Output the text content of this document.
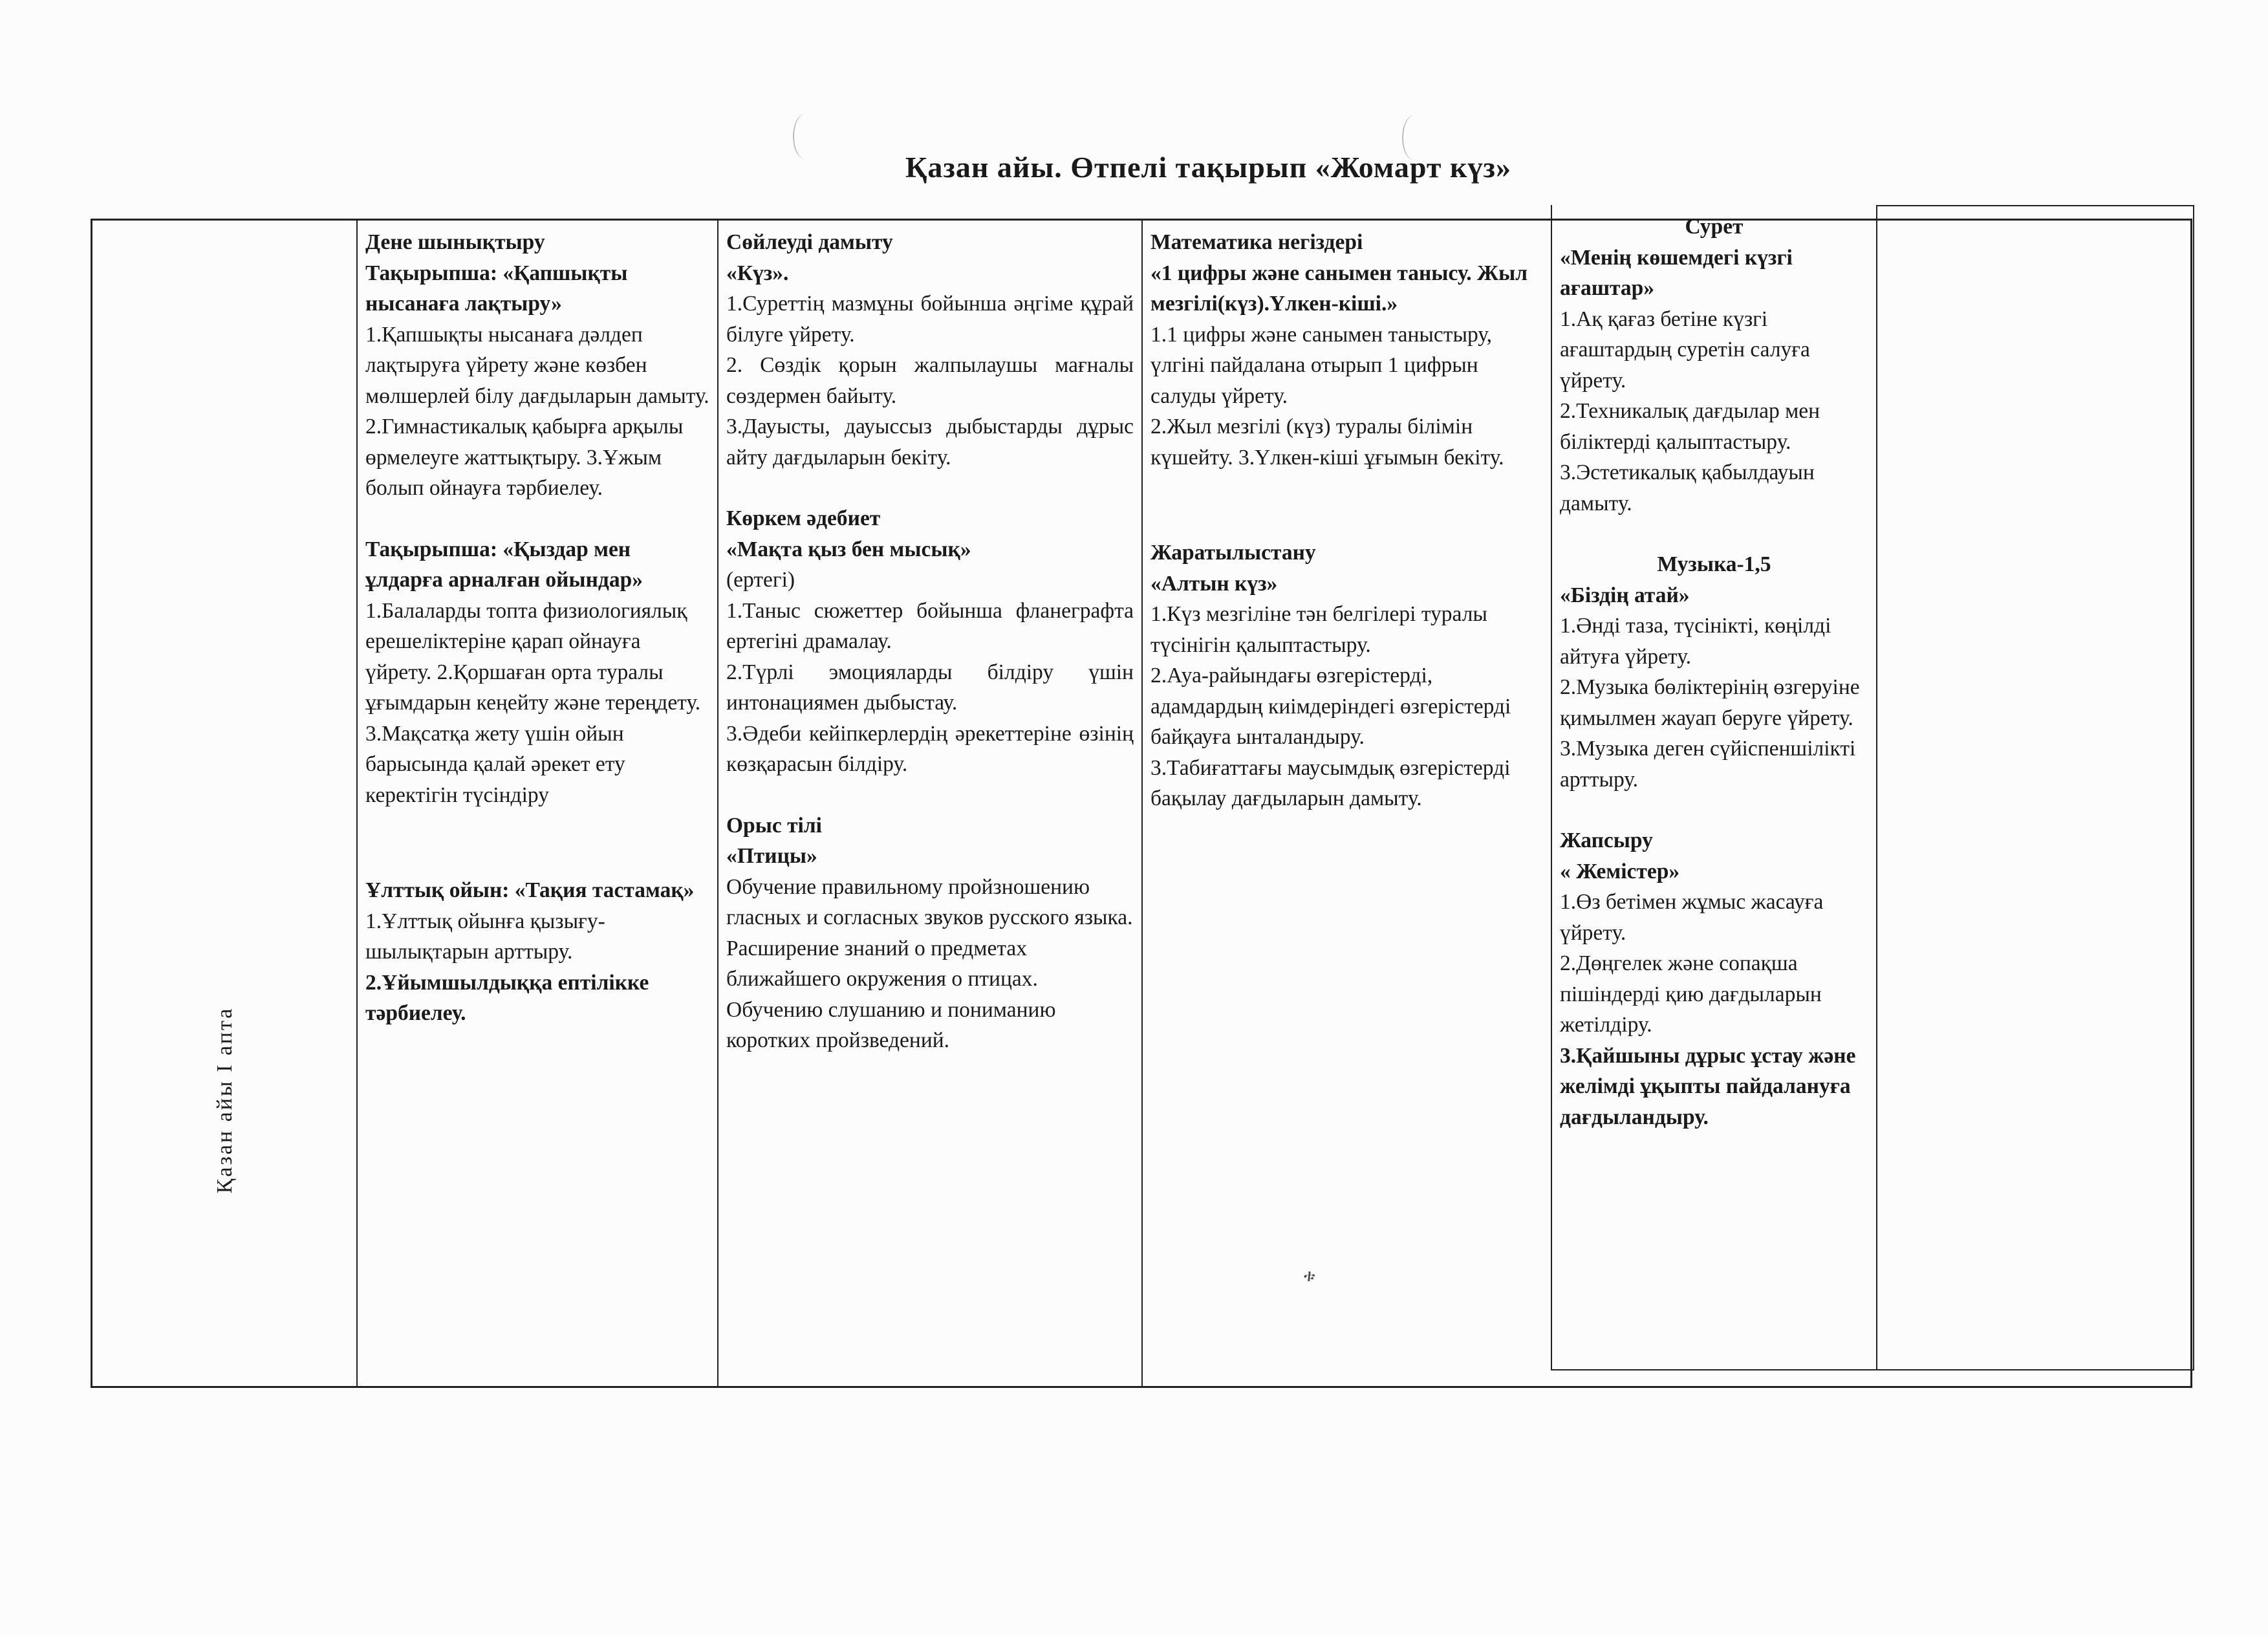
Қазан айы. Өтпелі тақырып «Жомарт күз»
Қазан айы I апта

Дене шынықтыру

Тақырыпша: «Қапшықты нысанаға лақтыру»

1.Қапшықты нысанаға дәлдеп лақтыруға үйрету және көзбен мөлшерлей білу дағдыларын дамыту.

2.Гимнастикалық қабырға арқылы өрмелеуге жаттықтыру. 3.Ұжым болып ойнауға тәрбиелеу.

Тақырыпша: «Қыздар мен ұлдарға арналған ойындар»

1.Балаларды топта физиологиялық ерешеліктеріне қарап ойнауға үйрету. 2.Қоршаған орта туралы ұғымдарын кеңейту және тереңдету.

3.Мақсатқа жету үшін ойын барысында қалай әрекет ету керектігін түсіндіру

Ұлттық ойын: «Тақия тастамақ»

1.Ұлттық ойынға қызығу-шылықтарын арттыру.

2.Ұйымшылдыққа ептілікке тәрбиелеу.

Сөйлеуді дамыту

«Күз».

1.Суреттің мазмұны бойынша әңгіме құрай білуге үйрету.

2. Сөздік қорын жалпылаушы мағналы сөздермен байыту.

3.Дауысты, дауыссыз дыбыстарды дұрыс айту дағдыларын бекіту.

Көркем әдебиет

«Мақта қыз бен мысық»

(ертегі)

1.Таныс сюжеттер бойынша фланеграфта ертегіні драмалау.

2.Түрлі эмоцияларды білдіру үшін интонациямен дыбыстау.

3.Әдеби кейіпкерлердің әрекеттеріне өзінің көзқарасын білдіру.

Орыс тілі

«Птицы»

Обучение правильному пройзношению гласных и согласных звуков русского языка. Расширение знаний о предметах ближайшего окружения о птицах. Обучению слушанию и пониманию коротких пройзведений.

Математика негіздері

«1 цифры және санымен танысу. Жыл мезгілі(күз).Үлкен-кіші.»

1.1 цифры және санымен таныстыру, үлгіні пайдалана отырып 1 цифрын салуды үйрету.

2.Жыл мезгілі (күз) туралы білімін күшейту. 3.Үлкен-кіші ұғымын бекіту.

Жаратылыстану

«Алтын күз»

1.Күз мезгіліне тән белгілері туралы түсінігін қалыптастыру.

2.Ауа-райындағы өзгерістерді, адамдардың киімдеріндегі өзгерістерді байқауға ынталандыру.

3.Табиғаттағы маусымдық өзгерістерді бақылау дағдыларын дамыту.

Сурет

«Менің көшемдегі күзгі ағаштар»

1.Ақ қағаз бетіне күзгі ағаштардың суретін салуға үйрету.

2.Техникалық дағдылар мен біліктерді қалыптастыру.

3.Эстетикалық қабылдауын дамыту.

Музыка-1,5

«Біздің атай»

1.Әнді таза, түсінікті, көңілді айтуға үйрету.

2.Музыка бөліктерінің өзгеруіне қимылмен жауап беруге үйрету.

3.Музыка деген сүйіспеншілікті арттыру.

Жапсыру

« Жемістер»

1.Өз бетімен жұмыс жасауға үйрету.

2.Дөңгелек және сопақша пішіндерді қию дағдыларын жетілдіру.

3.Қайшыны дұрыс ұстау және желімді ұқыпты пайдалануға дағдыландыру.

ቱ
